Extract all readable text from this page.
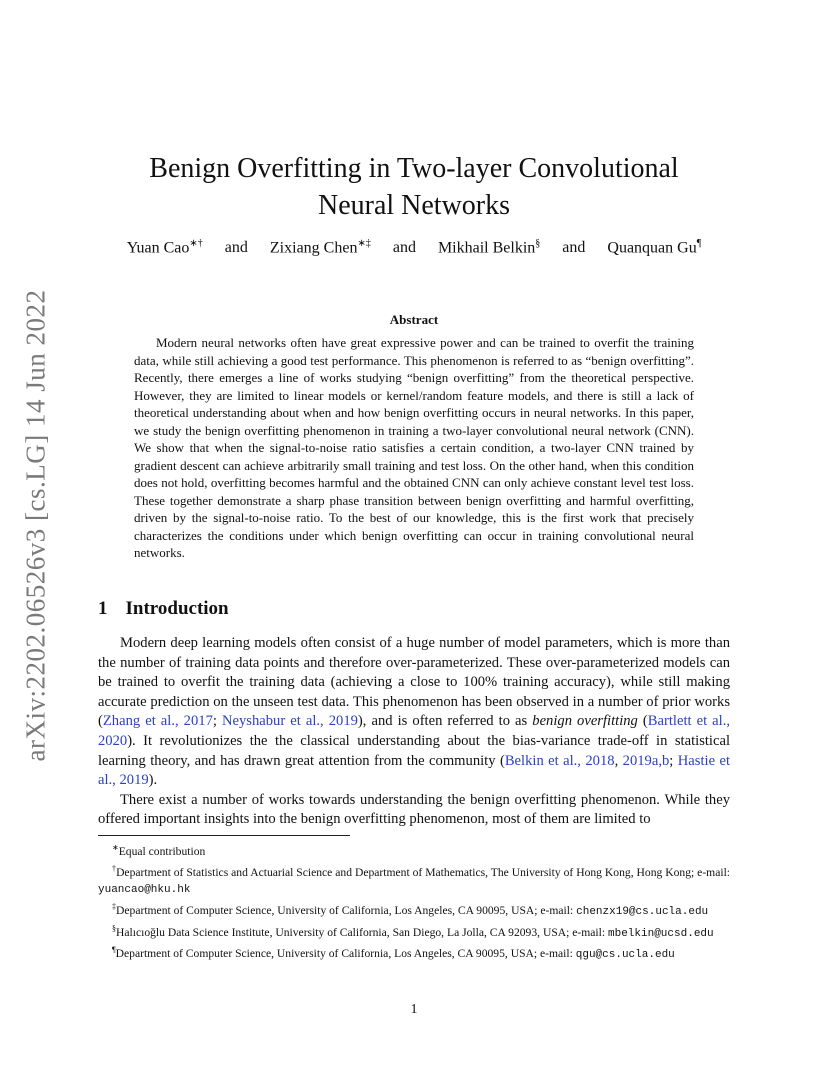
arXiv:2202.06526v3 [cs.LG] 14 Jun 2022
Benign Overfitting in Two-layer Convolutional
Neural Networks
Yuan Cao∗† and Zixiang Chen∗‡ and Mikhail Belkin§ and Quanquan Gu¶
Abstract

Modern neural networks often have great expressive power and can be trained to overfit the training data, while still achieving a good test performance. This phenomenon is referred to as “benign overfitting”. Recently, there emerges a line of works studying “benign overfitting” from the theoretical perspective. However, they are limited to linear models or kernel/random feature models, and there is still a lack of theoretical understanding about when and how benign overfitting occurs in neural networks. In this paper, we study the benign overfitting phenomenon in training a two-layer convolutional neural network (CNN). We show that when the signal-to-noise ratio satisfies a certain condition, a two-layer CNN trained by gradient descent can achieve arbitrarily small training and test loss. On the other hand, when this condition does not hold, overfitting becomes harmful and the obtained CNN can only achieve constant level test loss. These together demonstrate a sharp phase transition between benign overfitting and harmful overfitting, driven by the signal-to-noise ratio. To the best of our knowledge, this is the first work that precisely characterizes the conditions under which benign overfitting can occur in training convolutional neural networks.

1 Introduction

Modern deep learning models often consist of a huge number of model parameters, which is more than the number of training data points and therefore over-parameterized. These over-parameterized models can be trained to overfit the training data (achieving a close to 100% training accuracy), while still making accurate prediction on the unseen test data. This phenomenon has been observed in a number of prior works (Zhang et al., 2017; Neyshabur et al., 2019), and is often referred to as benign overfitting (Bartlett et al., 2020). It revolutionizes the the classical understanding about the bias-variance trade-off in statistical learning theory, and has drawn great attention from the community (Belkin et al., 2018, 2019a,b; Hastie et al., 2019).

There exist a number of works towards understanding the benign overfitting phenomenon. While they offered important insights into the benign overfitting phenomenon, most of them are limited to

∗Equal contribution

†Department of Statistics and Actuarial Science and Department of Mathematics, The University of Hong Kong, Hong Kong; e-mail: yuancao@hku.hk

‡Department of Computer Science, University of California, Los Angeles, CA 90095, USA; e-mail: chenzx19@cs.ucla.edu

§Halıcıoğlu Data Science Institute, University of California, San Diego, La Jolla, CA 92093, USA; e-mail: mbelkin@ucsd.edu

¶Department of Computer Science, University of California, Los Angeles, CA 90095, USA; e-mail: qgu@cs.ucla.edu

1
